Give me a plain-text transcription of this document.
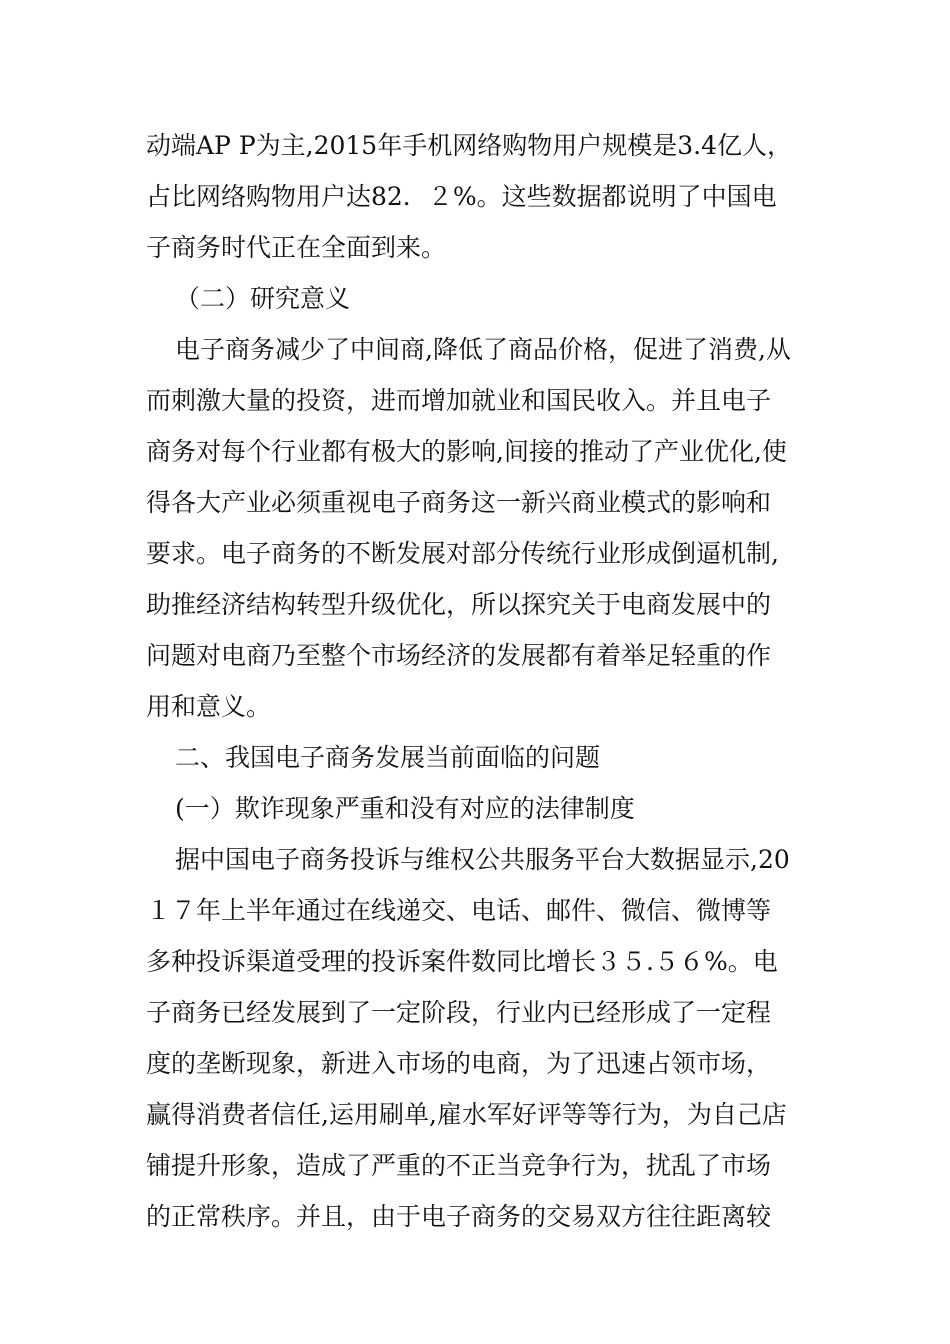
动端AP P为主,2015年手机网络购物用户规模是3.4亿人，
占比网络购物用户达82．２%。这些数据都说明了中国电
子商务时代正在全面到来。
（二）研究意义
电子商务减少了中间商,降低了商品价格，促进了消费,从
而刺激大量的投资，进而增加就业和国民收入。并且电子
商务对每个行业都有极大的影响,间接的推动了产业优化,使
得各大产业必须重视电子商务这一新兴商业模式的影响和
要求。电子商务的不断发展对部分传统行业形成倒逼机制,
助推经济结构转型升级优化，所以探究关于电商发展中的
问题对电商乃至整个市场经济的发展都有着举足轻重的作
用和意义。
二、我国电子商务发展当前面临的问题
(一）欺诈现象严重和没有对应的法律制度
据中国电子商务投诉与维权公共服务平台大数据显示,20
１７年上半年通过在线递交、电话、邮件、微信、微博等
多种投诉渠道受理的投诉案件数同比增长３５.５６%。电
子商务已经发展到了一定阶段，行业内已经形成了一定程
度的垄断现象，新进入市场的电商，为了迅速占领市场，
赢得消费者信任,运用刷单,雇水军好评等等行为，为自己店
铺提升形象，造成了严重的不正当竞争行为，扰乱了市场
的正常秩序。并且，由于电子商务的交易双方往往距离较
